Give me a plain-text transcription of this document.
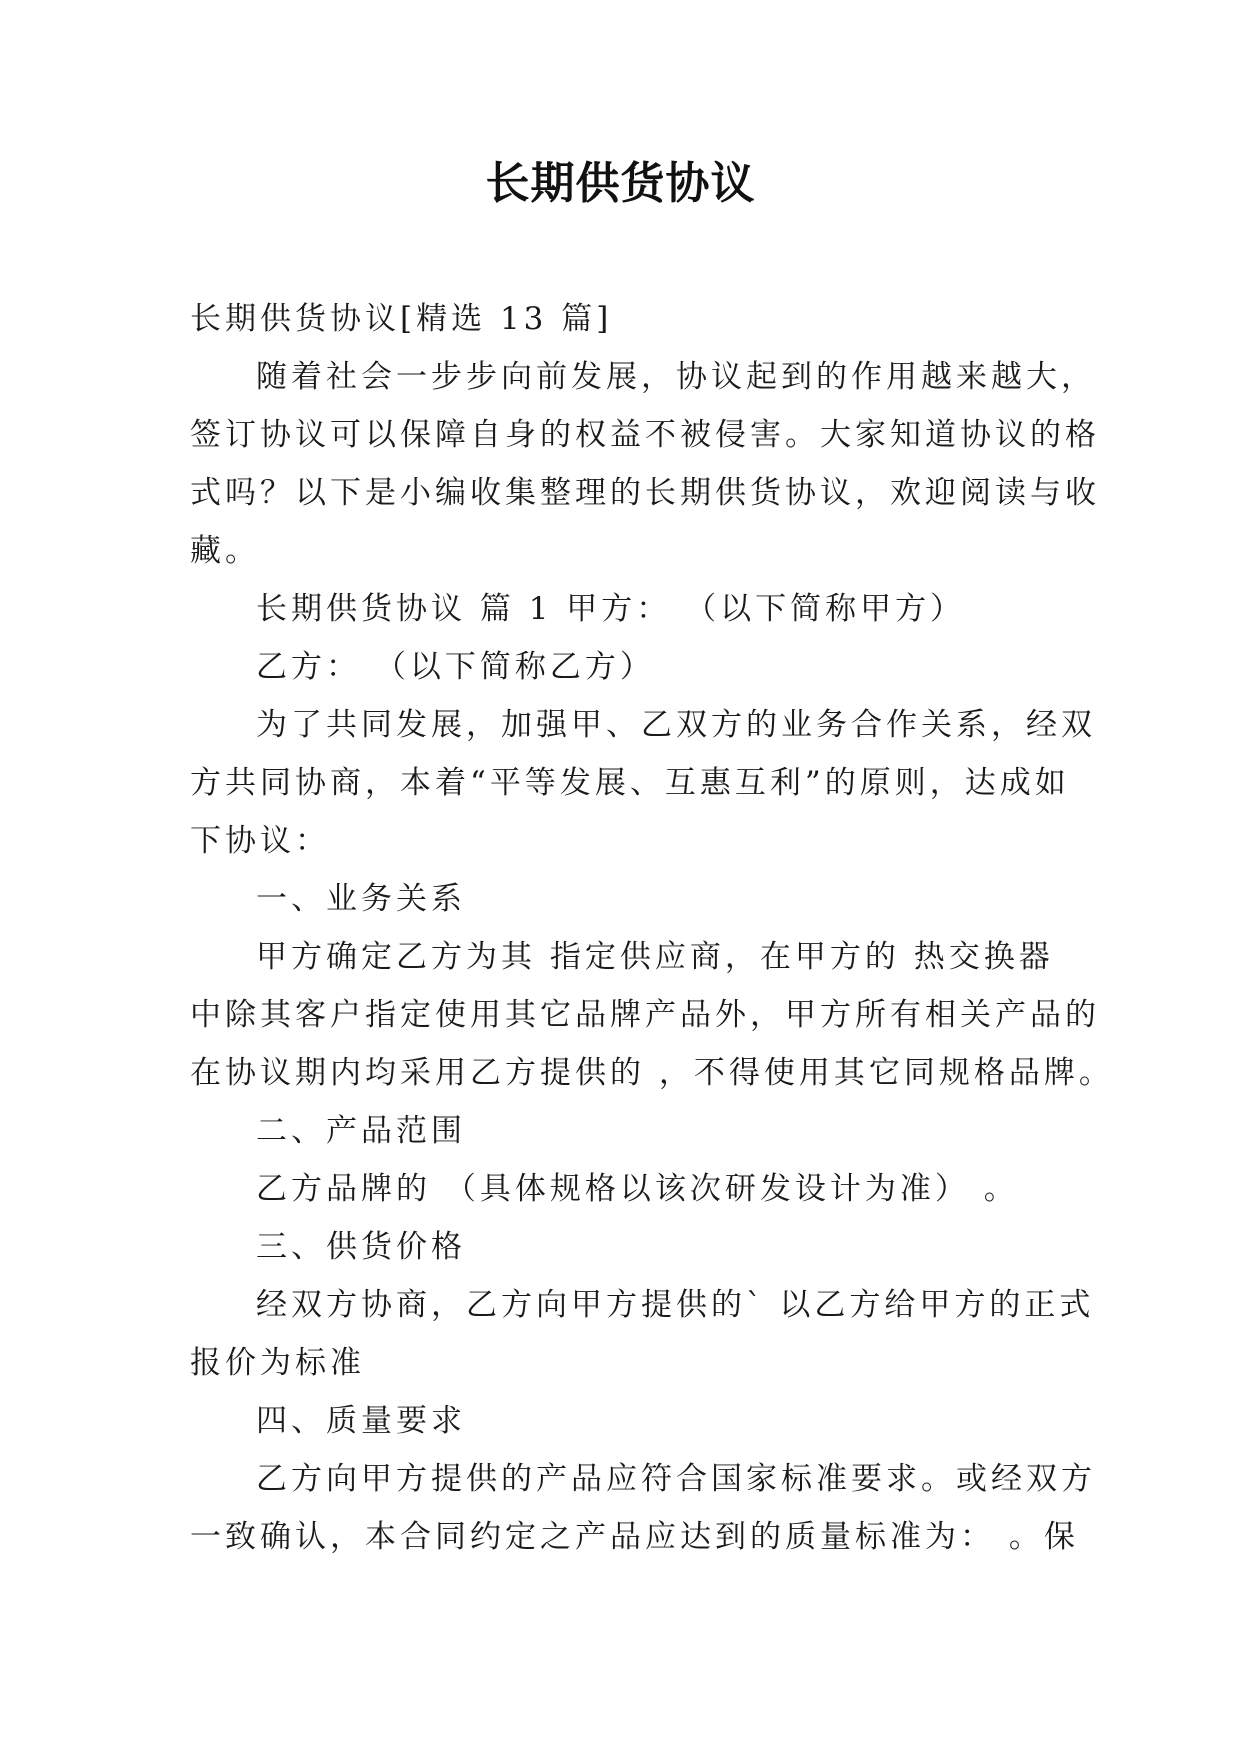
长期供货协议
长期供货协议[精选 13 篇]
随着社会一步步向前发展，协议起到的作用越来越大，
签订协议可以保障自身的权益不被侵害。大家知道协议的格
式吗？以下是小编收集整理的长期供货协议，欢迎阅读与收
藏。
长期供货协议 篇 1 甲方： （以下简称甲方）
乙方： （以下简称乙方）
为了共同发展，加强甲、乙双方的业务合作关系，经双
方共同协商，本着“平等发展、互惠互利”的原则，达成如
下协议：
一、业务关系
甲方确定乙方为其 指定供应商，在甲方的 热交换器
中除其客户指定使用其它品牌产品外，甲方所有相关产品的
在协议期内均采用乙方提供的 ，不得使用其它同规格品牌。
二、产品范围
乙方品牌的 （具体规格以该次研发设计为准） 。
三、供货价格
经双方协商，乙方向甲方提供的` 以乙方给甲方的正式
报价为标准
四、质量要求
乙方向甲方提供的产品应符合国家标准要求。或经双方
一致确认，本合同约定之产品应达到的质量标准为： 。保
